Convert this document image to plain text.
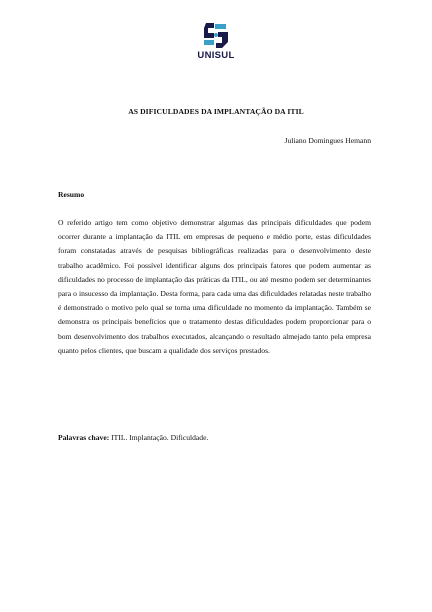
UNISUL
AS DIFICULDADES DA IMPLANTAÇÃO DA ITIL
Juliano Domingues Hemann
Resumo

O referido artigo tem como objetivo demonstrar algumas das principais dificuldades que podem ocorrer durante a implantação da ITIL em empresas de pequeno e médio porte, estas dificuldades foram constatadas através de pesquisas bibliográficas realizadas para o desenvolvimento deste trabalho acadêmico. Foi possível identificar alguns dos principais fatores que podem aumentar as dificuldades no processo de implantação das práticas da ITIL, ou até mesmo podem ser determinantes para o insucesso da implantação. Desta forma, para cada uma das dificuldades relatadas neste trabalho é demonstrado o motivo pelo qual se torna uma dificuldade no momento da implantação. Também se demonstra os principais benefícios que o tratamento destas dificuldades podem proporcionar para o bom desenvolvimento dos trabalhos executados, alcançando o resultado almejado tanto pela empresa quanto pelos clientes, que buscam a qualidade dos serviços prestados.

Palavras chave: ITIL. Implantação. Dificuldade.
